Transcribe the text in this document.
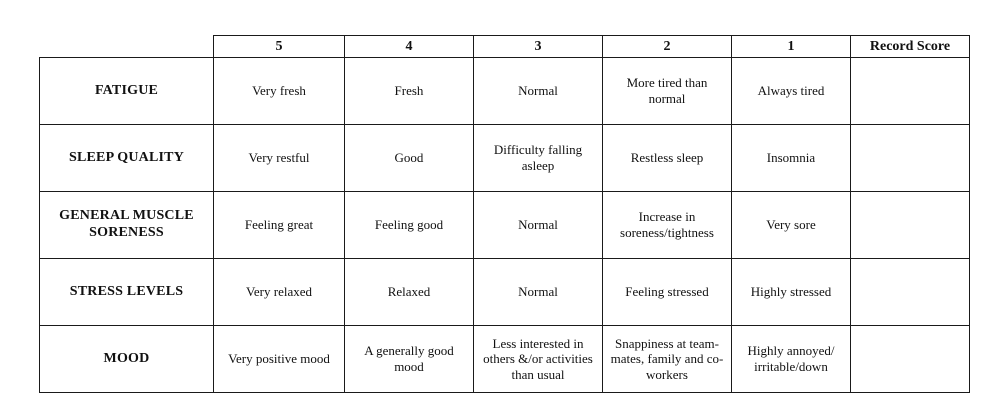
	5	4	3	2	1	Record Score
FATIGUE	Very fresh	Fresh	Normal	More tired than normal	Always tired	
SLEEP QUALITY	Very restful	Good	Difficulty falling asleep	Restless sleep	Insomnia	
GENERAL MUSCLE SORENESS	Feeling great	Feeling good	Normal	Increase in soreness/tightness	Very sore	
STRESS LEVELS	Very relaxed	Relaxed	Normal	Feeling stressed	Highly stressed	
MOOD	Very positive mood	A generally good mood	Less interested in others &/or activities than usual	Snappiness at team-mates, family and co-workers	Highly annoyed/ irritable/down	
